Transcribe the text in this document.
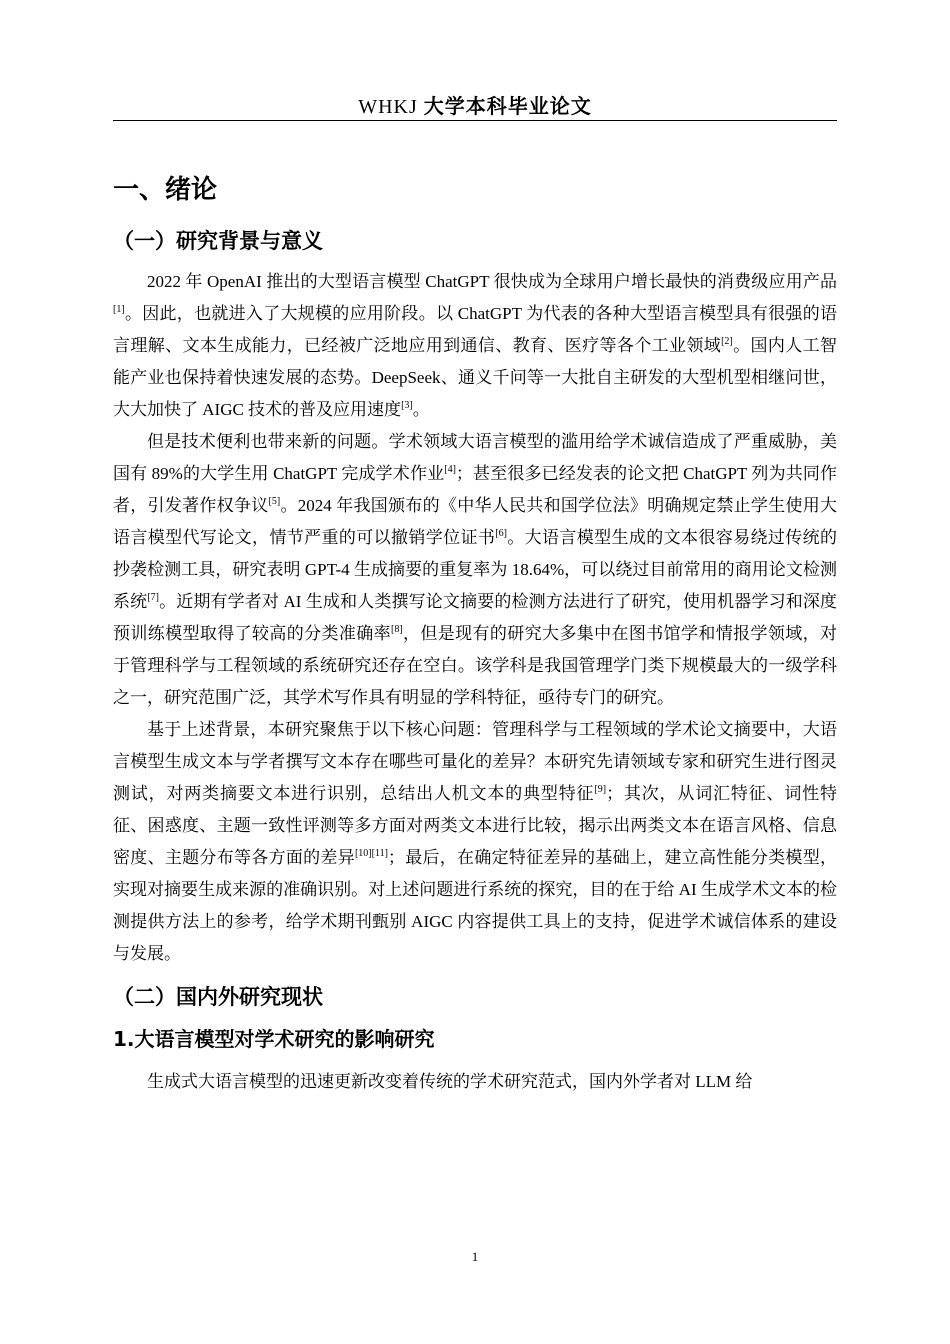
WHKJ 大学本科毕业论文
一、绪论
（一）研究背景与意义

2022 年 OpenAI 推出的大型语言模型 ChatGPT 很快成为全球用户增长最快的消费级应用产品[1]。因此，也就进入了大规模的应用阶段。以 ChatGPT 为代表的各种大型语言模型具有很强的语言理解、文本生成能力，已经被广泛地应用到通信、教育、医疗等各个工业领域[2]。国内人工智能产业也保持着快速发展的态势。DeepSeek、通义千问等一大批自主研发的大型机型相继问世，大大加快了 AIGC 技术的普及应用速度[3]。

但是技术便利也带来新的问题。学术领域大语言模型的滥用给学术诚信造成了严重威胁，美国有 89%的大学生用 ChatGPT 完成学术作业[4]；甚至很多已经发表的论文把 ChatGPT 列为共同作者，引发著作权争议[5]。2024 年我国颁布的《中华人民共和国学位法》明确规定禁止学生使用大语言模型代写论文，情节严重的可以撤销学位证书[6]。大语言模型生成的文本很容易绕过传统的抄袭检测工具，研究表明 GPT-4 生成摘要的重复率为 18.64%，可以绕过目前常用的商用论文检测系统[7]。近期有学者对 AI 生成和人类撰写论文摘要的检测方法进行了研究，使用机器学习和深度预训练模型取得了较高的分类准确率[8]，但是现有的研究大多集中在图书馆学和情报学领域，对于管理科学与工程领域的系统研究还存在空白。该学科是我国管理学门类下规模最大的一级学科之一，研究范围广泛，其学术写作具有明显的学科特征，亟待专门的研究。

基于上述背景，本研究聚焦于以下核心问题：管理科学与工程领域的学术论文摘要中，大语言模型生成文本与学者撰写文本存在哪些可量化的差异？本研究先请领域专家和研究生进行图灵测试，对两类摘要文本进行识别，总结出人机文本的典型特征[9]；其次，从词汇特征、词性特征、困惑度、主题一致性评测等多方面对两类文本进行比较，揭示出两类文本在语言风格、信息密度、主题分布等各方面的差异[10][11]；最后，在确定特征差异的基础上，建立高性能分类模型，实现对摘要生成来源的准确识别。对上述问题进行系统的探究，目的在于给 AI 生成学术文本的检测提供方法上的参考，给学术期刊甄别 AIGC 内容提供工具上的支持，促进学术诚信体系的建设与发展。

（二）国内外研究现状
1.大语言模型对学术研究的影响研究

生成式大语言模型的迅速更新改变着传统的学术研究范式，国内外学者对 LLM 给

1
